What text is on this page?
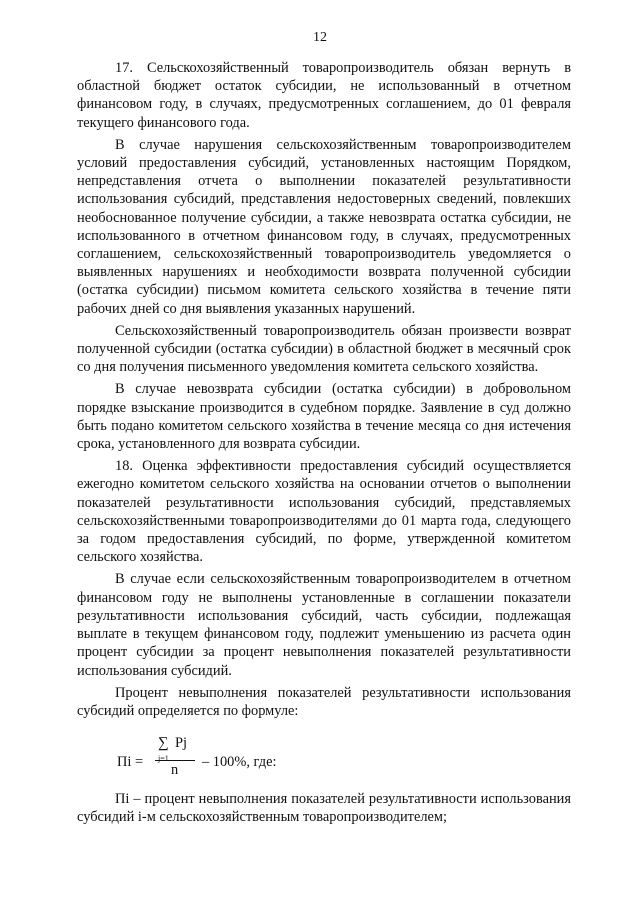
12

17. Сельскохозяйственный товаропроизводитель обязан вернуть в областной бюджет остаток субсидии, не использованный в отчетном финансовом году, в случаях, предусмотренных соглашением, до 01 февраля текущего финансового года.

В случае нарушения сельскохозяйственным товаропроизводителем условий предоставления субсидий, установленных настоящим Порядком, непредставления отчета о выполнении показателей результативности использования субсидий, представления недостоверных сведений, повлекших необоснованное получение субсидии, а также невозврата остатка субсидии, не использованного в отчетном финансовом году, в случаях, предусмотренных соглашением, сельскохозяйственный товаропроизводитель уведомляется о выявленных нарушениях и необходимости возврата полученной субсидии (остатка субсидии) письмом комитета сельского хозяйства в течение пяти рабочих дней со дня выявления указанных нарушений.

Сельскохозяйственный товаропроизводитель обязан произвести возврат полученной субсидии (остатка субсидии) в областной бюджет в месячный срок со дня получения письменного уведомления комитета сельского хозяйства.

В случае невозврата субсидии (остатка субсидии) в добровольном порядке взыскание производится в судебном порядке. Заявление в суд должно быть подано комитетом сельского хозяйства в течение месяца со дня истечения срока, установленного для возврата субсидии.

18. Оценка эффективности предоставления субсидий осуществляется ежегодно комитетом сельского хозяйства на основании отчетов о выполнении показателей результативности использования субсидий, представляемых сельскохозяйственными товаропроизводителями до 01 марта года, следующего за годом предоставления субсидий, по форме, утвержденной комитетом сельского хозяйства.

В случае если сельскохозяйственным товаропроизводителем в отчетном финансовом году не выполнены установленные в соглашении показатели результативности использования субсидий, часть субсидии, подлежащая выплате в текущем финансовом году, подлежит уменьшению из расчета один процент субсидии за процент невыполнения показателей результативности использования субсидий.

Процент невыполнения показателей результативности использования субсидий определяется по формуле:

Пi =
∑ Pj
j=1
n – 100%, где:

Пi – процент невыполнения показателей результативности использования субсидий i-м сельскохозяйственным товаропроизводителем;
